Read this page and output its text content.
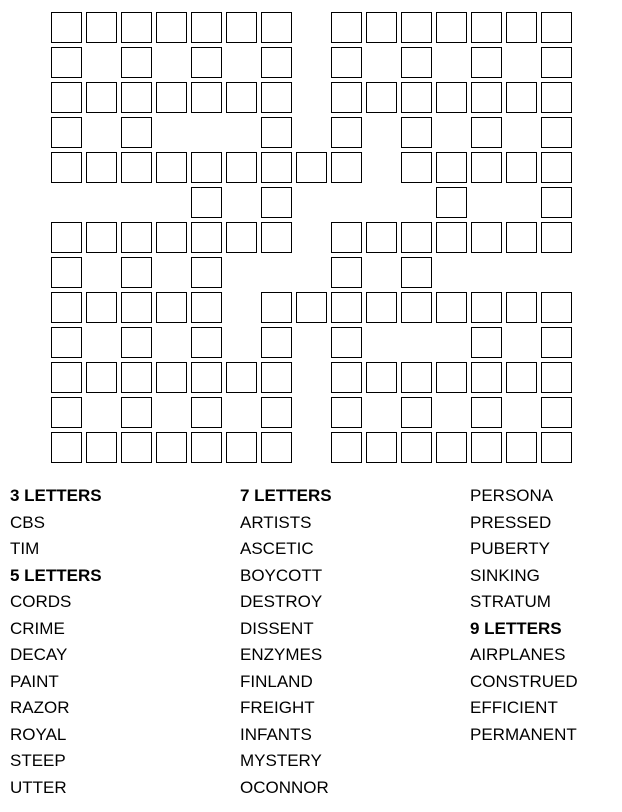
3 LETTERS
CBS
TIM
5 LETTERS
CORDS
CRIME
DECAY
PAINT
RAZOR
ROYAL
STEEP
UTTER
7 LETTERS
ARTISTS
ASCETIC
BOYCOTT
DESTROY
DISSENT
ENZYMES
FINLAND
FREIGHT
INFANTS
MYSTERY
OCONNOR
PERSONA
PRESSED
PUBERTY
SINKING
STRATUM
9 LETTERS
AIRPLANES
CONSTRUED
EFFICIENT
PERMANENT
